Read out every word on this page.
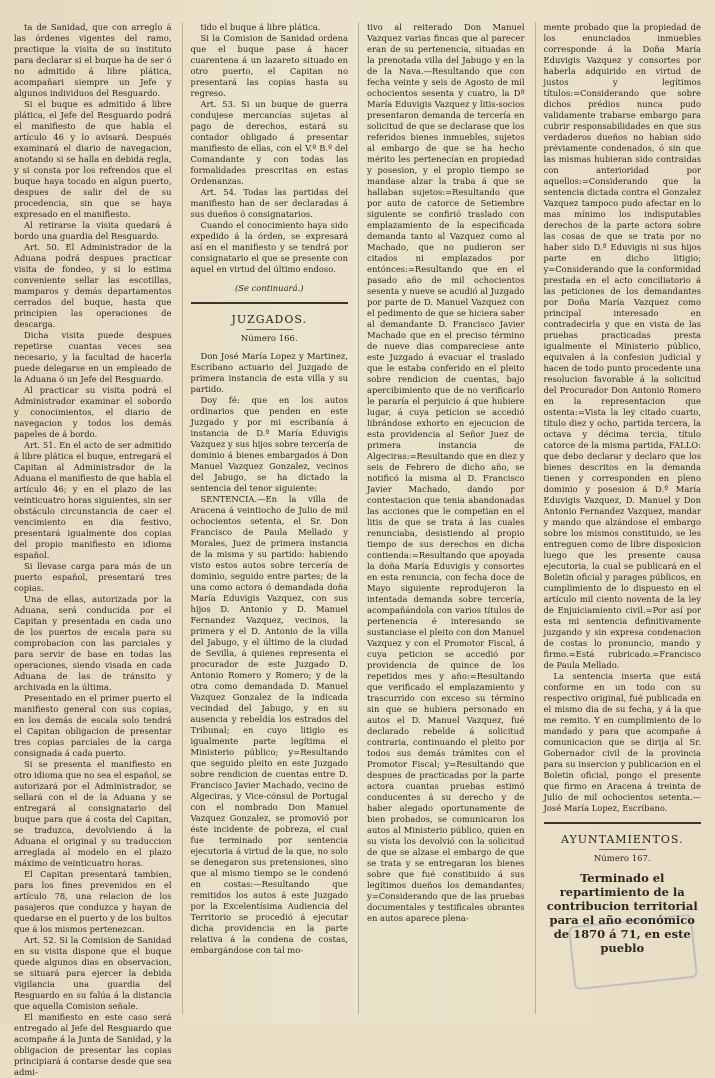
ta de Sanidad, que con arreglo á las órdenes vigentes del ramo, practique la visita de su instituto para declarar si el buque ha de ser ó no admitido á libre plática, acompañari siempre un Jefe y algunos individuos del Resguardo.

Si el buque es admitido á libre plática, el Jefe del Resguardo podrá el manifiesto de que habla el artículo 46 y lo avisará. Después examinará el diario de navegacion, anotando si se halla en debida regla, y si consta por los refrendos que el buque haya tocado en algun puerto, despues de salir del de su procedencia, sin que se haya expresado en el manifiesto.

Al retirarse la visita quedará á bordo una guardia del Resguardo.

Art. 50. El Administrador de la Aduana podrá despues practicar visita de fondeo, y si lo estima conveniente sellar las escotillas, mamparos y demás departamentos cerrados del buque, hasta que principien las operaciones de descarga.

Dicha visita puede despues repetirse cuantas veces sea necesario, y la facultad de hacerla puede delegarse en un empleado de la Aduana ó un Jefe del Resguardo.

Al practicar su visita podrá el Administrador examinar el sobordo y conocimientos, el diario de navegacion y todos los demás papeles de á bordo.

Art. 51. En el acto de ser admitido á libre plática el buque, entregará el Capitan al Administrador de la Aduana el manifiesto de que habla el artículo 46; y en el plazo de las veinticuatro horas siguientes, sin ser obstáculo circunstancia de caer el vencimiento en dia festivo, presentará igualmente dos copias del propio manifiesto en idioma español.

Si llevase carga para más de un puerto español, presentará tres copias.

Una de ellas, autorizada por la Aduana, será conducida por el Capitan y presentada en cada uno de los puertos de escala para su comprobacion con las parciales y para servir de base en todas las operaciones, siendo visada en cada Aduana de las de tránsito y archivada en la última.

Presentado en el primer puerto el manifiesto general con sus copias, en los demás de escala solo tendrá el Capitan obligacion de presentar tres copias parciales de la carga consignada á cada puerto.

Si se presenta el manifiesto en otro idioma que no sea el español, se autorizará por el Administrador, se sellará con el de la Aduana y se entregará al consignatario del buque para que á costa del Capitan, se traduzca, devolviendo á la Aduana el original y su traduccion arreglada al modelo en el plazo máximo de veinticuatro horas.

El Capitan presentará tambien, para los fines prevenidos en el artículo 78, una relacion de los pasajeros que conduzca y hayan de quedarse en el puerto y de los bultos que á los mismos pertenezcan.

Art. 52. Si la Comision de Sanidad en su visita dispone que el buque quede algunos dias en observacion, se situará para ejercer la debida vigilancia una guardia del Resguardo en su falúa á la distancia que aquella Comision señale.

El manifiesto en este caso será entregado al Jefe del Resguardo que acompañe á la Junta de Sanidad, y la obligacion de presentar las copias principiará á contarse desde que sea admi-

tido el buque á libre plática.

Si la Comision de Sanidad ordena que el buque pase á hacer cuarentena á un lazareto situado en otro puerto, el Capitan no presentará las copias hasta su regreso.

Art. 53. Si un buque de guerra condujese mercancías sujetas al pago de derechos, estará su contador obligado á presentar manifiesto de ellas, con el V.º B.º del Comandante y con todas las formalidades prescritas en estas Ordenanzas.

Art. 54. Todas las partidas del manifiesto han de ser declaradas á sus dueños ó consignatarios.

Cuando el conocimiento haya sido expedido á la órden, se expresará así en el manifiesto y se tendrá por consignatario el que se presente con aquel en virtud del último endoso.

(Se continuará.)

JUZGADOS.
Número 166.

Don José María Lopez y Martinez, Escribano actuario del Juzgado de primera instancia de esta villa y su partido.

Doy fé: que en los autos ordinarios que penden en este Juzgado y por mi escribanía á instancia de D.ª María Eduvigis Vazquez y sus hijos sobre tercería de dominio á bienes embargados á Don Manuel Vazquez Gonzalez, vecinos del Jabugo, se ha dictado la sentencia del tenor siguiente:

SENTENCIA.—En la villa de Aracena á veintiocho de Julio de mil ochocientos setenta, el Sr. Don Francisco de Paula Mellado y Morales, Juez de primera instancia de la misma y su partido: habiendo visto estos autos sobre tercería de dominio, seguido entre partes; de la una como actora ó demandada doña María Eduvigis Vazquez, con sus hijos D. Antonio y D. Manuel Fernandez Vazquez, vecinos, la primera y el D. Antonio de la villa del Jabugo, y el último de la ciudad de Sevilla, á quienes representa el procurador de este Juzgado D. Antonio Romero y Romero; y de la otra como demandada D. Manuel Vazquez Gonzalez de la indicada vecindad del Jabugo, y en su ausencia y rebeldía los estrados del Tribunal; en cuyo litigio es igualmente parte legítima el Ministerio público; y=Resultando que seguido pleito en este Juzgado sobre rendicion de cuentas entre D. Francisco Javier Machado, vecino de Algeciras, y Vice-cónsul de Portugal con el nombrado Don Manuel Vazquez Gonzalez, se promovió por éste incidente de pobreza, el cual fue terminado por sentencia ejecutoria á virtud de la que, no solo se denegaron sus pretensiones, sino que al mismo tiempo se le condenó en costas:—Resultando que remitidos los autos á este Juzgado por la Excelentísima Audiencia del Territorio se procedió á ejecutar dicha providencia en la parte relativa á la condena de costas, embargándose con tal mo-

tivo al reiterado Don Manuel Vazquez varias fincas que al parecer eran de su pertenencia, situadas en la prenotada villa del Jabugo y en la de la Nava.—Resultando que con fecha veinte y seis de Agosto de mil ochocientos sesenta y cuatro, la Dª María Eduvigis Vazquez y litis-socios presentaron demanda de tercería en solicitud de que se declarase que los referidos bienes inmuebles, sujetos al embargo de que se ha hecho mérito les pertenecían en propiedad y posesion, y el propio tiempo se mandase alzar la traba á que se hallaban sujetos:=Resultando que por auto de catorce de Setiembre siguiente se confirió traslado con emplazamiento de la especificada demanda tanto al Vazquez como al Machado, que no pudieron ser citados ni emplazados por entónces:=Resultando que en el pasado año de mil ochocientos sesenta y nueve se acudió al Juzgado por parte de D. Manuel Vazquez con el pedimento de que se hiciera saber al demandante D. Francisco Javier Machado que en el preciso término de nueve dias compareciese ante este Juzgado á evacuar el traslado que le estaba conferido en el pleito sobre rendicion de cuentas, bajo apercibimiento que de no verificarlo le pararía el perjuicio á que hubiere lugar, á cuya peticion se accedió librándose exhorto en ejecucion de esta providencia al Señor Juez de primera instancia de Algeciras:=Resultando que en diez y seis de Febrero de dicho año, se notificó la misma al D. Francisco Javier Machado, dando por contestacion que tenia abandonadas las acciones que le competian en el litis de que se trata á las cuales renunciaba, desistiendo al propio tiempo de sus derechos en dicha contienda:=Resultando que apoyada la doña María Eduvigis y consortes en esta renuncia, con fecha doce de Mayo siguiente reprodujeron la intentada demanda sobre tercería, acompañándola con varios títulos de pertenencia é interesando se sustanciase el pleito con don Manuel Vazquez y con el Promotor Fiscal, á cuya peticion se accedió por providencia de quince de los repetidos mes y año:=Resultando que verificado el emplazamiento y trascurrido con exceso su término sin que se hubiera personado en autos el D. Manuel Vazquez, fué declarado rebelde á solicitud contraria, continuando el pleito por todos sus demás trámites con el Promotor Fiscal; y=Resultando que despues de practicadas por la parte actora cuantas pruebas estimó conducentes á su derecho y de haber alegado oportunamente de bien probados, se comunicaron los autos al Ministerio público, quien en su vista los devolvió con la solicitud de que se alzase el embargo de que se trata y se entregaran los bienes sobre que fué constituido á sus legítimos dueños los demandantes; y=Considerando que de las pruebas documentales y testificales obrantes en autos aparece plena-

mente probado que la propiedad de los enunciados inmuebles corresponde á la Doña María Eduvigis Vazquez y consortes por haberla adquirido en virtud de justos y legítimos títulos:=Considerando que sobre dichos prédios nunca pudo validamente trabarse embargo para cubrir responsabilidades en que sus verdaderos dueños no habian sido préviamente condenados, ó sin que las mismas hubieran sido contraidas con anterioridad por aquellos:=Considerando que la sentencia dictada contra el Gonzalez Vazquez tampoco pudo afectar en lo mas mínimo los indisputables derechos de la parte actora sobre las cosas de que se trata por no haber sido D.ª Eduvigis ni sus hijos parte en dicho litigio; y=Considerando que la conformidad prestada en el acto conciliatorio á las peticiones de los demandantes por Doña María Vazquez como principal interesado en contradecirla y que en vista de las pruebas practicadas presta igualmente el Ministerio público, equivalen á la confesion judicial y hacen de todo punto procedente una resolucion favorable á la solicitud del Procurador Don Antonio Romero en la representacion que ostenta:=Vista la ley citado cuarto, título diez y ocho, partida tercera, la octava y décima tercia, título catorce de la misma partida, FALLO: que debo declarar y declaro que los bienes descritos en la demanda tienen y corresponden en pleno dominio y posesion á D.ª María Eduvigis Vazquez, D. Manuel y Don Antonio Fernandez Vazquez, mandar y mando que alzándose el embargo sobre los mismos constituido, se les entreguen como de libre disposicion luego que les presente causa ejecutoria, la cual se publicará en el Boletin oficial y parages públicos, en cumplimiento de lo dispuesto en el artículo mil ciento noventa de la ley de Enjuiciamiento civil.=Por así por esta mi sentencia definitivamente juzgando y sin expresa condenacion de costas lo pronuncio, mando y firmo.=Está rubricado.=Francisco de Paula Mellado.

La sentencia inserta que está conforme en un todo con su respectivo original, fué publicada en el mismo dia de su fecha, y á la que me remito. Y en cumplimiento de lo mandado y para que acompañe á comunicacion que se dirija al Sr. Gobernador civil de la provincia para su insercion y publicacion en el Boletin oficial, pongo el presente que firmo en Aracena á treinta de Julio de mil ochocientos setenta.—José María Lopez, Escribano.

AYUNTAMIENTOS.
Número 167.
Terminado el repartimiento de la contribucion territorial para el año económico de 1870 á 71, en este pueblo
